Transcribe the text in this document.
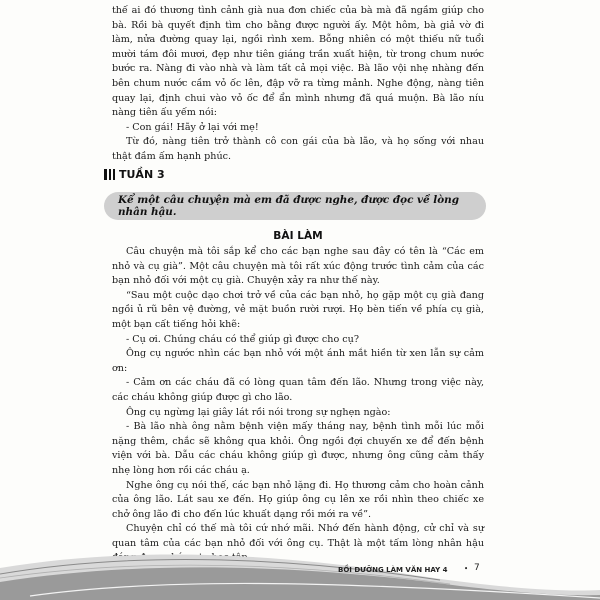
thế ai đó thương tình cảnh già nua đơn chiếc của bà mà đã ngầm giúp cho bà. Rồi bà quyết định tìm cho bằng được người ấy. Một hôm, bà giả vờ đi làm, nửa đường quay lại, ngồi rình xem. Bỗng nhiên có một thiếu nữ tuổi mười tám đôi mươi, đẹp như tiên giáng trần xuất hiện, từ trong chum nước bước ra. Nàng đi vào nhà và làm tất cả mọi việc. Bà lão vội nhẹ nhàng đến bên chum nước cầm vỏ ốc lên, đập vỡ ra từng mảnh. Nghe động, nàng tiên quay lại, định chui vào vỏ ốc để ẩn mình nhưng đã quá muộn. Bà lão níu nàng tiên ấu yếm nói:

- Con gái! Hãy ở lại với mẹ!

Từ đó, nàng tiên trở thành cô con gái của bà lão, và họ sống với nhau thật đầm ấm hạnh phúc.

TUẦN 3
Kể một câu chuyện mà em đã được nghe, được đọc về lòng nhân hậu.
BÀI LÀM

Câu chuyện mà tôi sắp kể cho các bạn nghe sau đây có tên là “Các em nhỏ và cụ già”. Một câu chuyện mà tôi rất xúc động trước tình cảm của các bạn nhỏ đối với một cụ già. Chuyện xảy ra như thế này.

“Sau một cuộc dạo chơi trở về của các bạn nhỏ, họ gặp một cụ già đang ngồi ủ rũ bên vệ đường, vẻ mặt buồn rười rượi. Họ bèn tiến về phía cụ già, một bạn cất tiếng hỏi khẽ:

- Cụ ơi. Chúng cháu có thể giúp gì được cho cụ?

Ông cụ ngước nhìn các bạn nhỏ với một ánh mắt hiền từ xen lẫn sự cảm ơn:

- Cảm ơn các cháu đã có lòng quan tâm đến lão. Nhưng trong việc này, các cháu không giúp được gì cho lão.

Ông cụ ngừng lại giây lát rồi nói trong sự nghẹn ngào:

- Bà lão nhà ông nằm bệnh viện mấy tháng nay, bệnh tình mỗi lúc mỗi nặng thêm, chắc sẽ không qua khỏi. Ông ngồi đợi chuyến xe để đến bệnh viện với bà. Dẫu các cháu không giúp gì được, nhưng ông cũng cảm thấy nhẹ lòng hơn rồi các cháu ạ.

Nghe ông cụ nói thế, các bạn nhỏ lặng đi. Họ thương cảm cho hoàn cảnh của ông lão. Lát sau xe đến. Họ giúp ông cụ lên xe rồi nhìn theo chiếc xe chở ông lão đi cho đến lúc khuất dạng rồi mới ra về”.

Chuyện chỉ có thế mà tôi cứ nhớ mãi. Nhớ đến hành động, cử chỉ và sự quan tâm của các bạn nhỏ đối với ông cụ. Thật là một tấm lòng nhân hậu

BỒI DƯỠNG LÀM VĂN HAY 4 • 7
